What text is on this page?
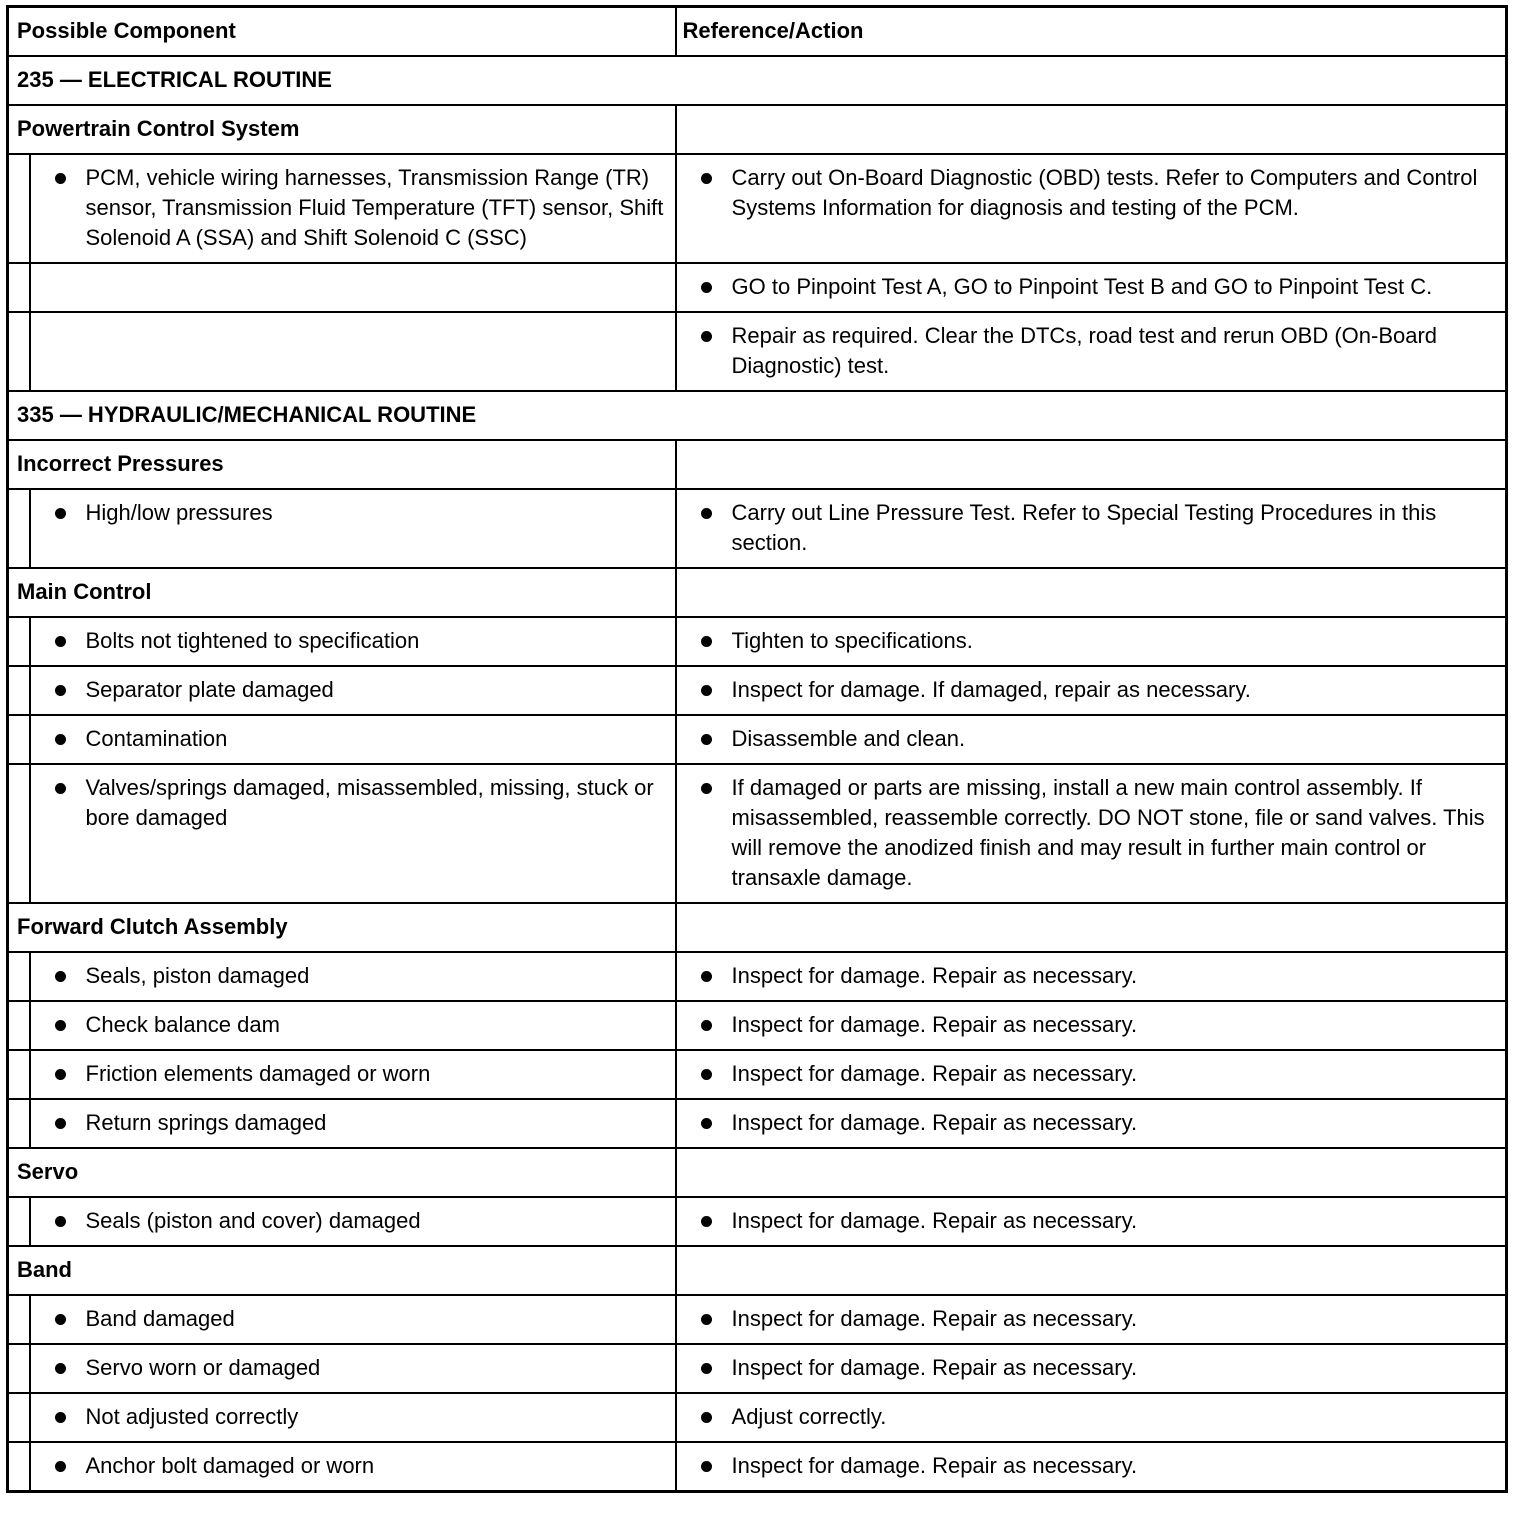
Possible Component		Reference/Action
235 — ELECTRICAL ROUTINE		
Powertrain Control System		

	PCM, vehicle wiring harnesses, Transmission Range (TR) sensor, Transmission Fluid Temperature (TFT) sensor, Shift Solenoid A (SSA) and Shift Solenoid C (SSC)	Carry out On-Board Diagnostic (OBD) tests. Refer to Computers and Control Systems Information for diagnosis and testing of the PCM.

		GO to Pinpoint Test A, GO to Pinpoint Test B and GO to Pinpoint Test C.

		Repair as required. Clear the DTCs, road test and rerun OBD (On-Board Diagnostic) test.

335 — HYDRAULIC/MECHANICAL ROUTINE		
Incorrect Pressures		

	High/low pressures	Carry out Line Pressure Test. Refer to Special Testing Procedures in this section.

Main Control		

	Bolts not tightened to specification	Tighten to specifications.

	Separator plate damaged	Inspect for damage. If damaged, repair as necessary.

	Contamination	Disassemble and clean.

	Valves/springs damaged, misassembled, missing, stuck or bore damaged	If damaged or parts are missing, install a new main control assembly. If misassembled, reassemble correctly. DO NOT stone, file or sand valves. This will remove the anodized finish and may result in further main control or transaxle damage.

Forward Clutch Assembly		

	Seals, piston damaged	Inspect for damage. Repair as necessary.

	Check balance dam	Inspect for damage. Repair as necessary.

	Friction elements damaged or worn	Inspect for damage. Repair as necessary.

	Return springs damaged	Inspect for damage. Repair as necessary.

Servo		

	Seals (piston and cover) damaged	Inspect for damage. Repair as necessary.

Band		

	Band damaged	Inspect for damage. Repair as necessary.

	Servo worn or damaged	Inspect for damage. Repair as necessary.

	Not adjusted correctly	Adjust correctly.

	Anchor bolt damaged or worn	Inspect for damage. Repair as necessary.
